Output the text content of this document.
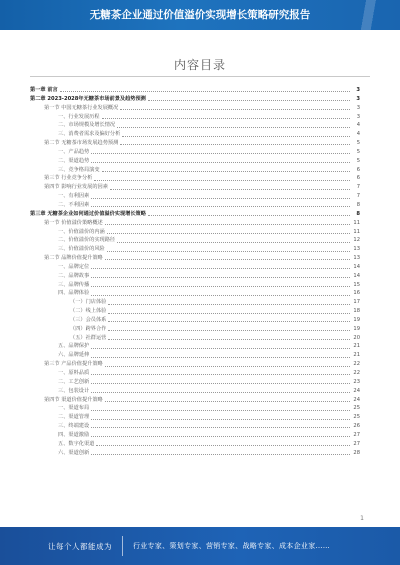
无糖茶企业通过价值溢价实现增长策略研究报告
内容目录
第一章 前言	3
第二章 2023-2028年无糖茶市场前景及趋势预测	3
第一节 中国无糖茶行业发展概况	3
一、行业发展历程	3
二、市场规模及增长情况	4
三、消费者需求及偏好分析	4
第二节 无糖茶市场发展趋势预测	5
一、产品趋势	5
二、渠道趋势	5
三、竞争格局演变	6
第三节 行业竞争分析	6
第四节 影响行业发展的因素	7
一、有利因素	7
二、不利因素	8
第三章 无糖茶企业如何通过价值溢价实现增长策略	8
第一节 价值溢价策略概述	11
一、价值溢价的内涵	11
二、价值溢价的实现路径	12
三、价值溢价的风险	13
第二节 品牌价值提升策略	13
一、品牌定位	14
二、品牌故事	14
三、品牌传播	15
四、品牌体验	16
（一）门店体验	17
（二）线上体验	18
（三）会员体系	19
（四）跨界合作	19
（五）社群运营	20
五、品牌保护	21
六、品牌延伸	21
第三节 产品价值提升策略	22
一、原料品质	22
二、工艺创新	23
三、包装设计	24
第四节 渠道价值提升策略	24
一、渠道布局	25
二、渠道管理	25
三、终端建设	26
四、渠道激励	27
五、数字化渠道	27
六、渠道创新	28
1
让每个人都能成为	行业专家、策划专家、营销专家、战略专家、成本企业家……
